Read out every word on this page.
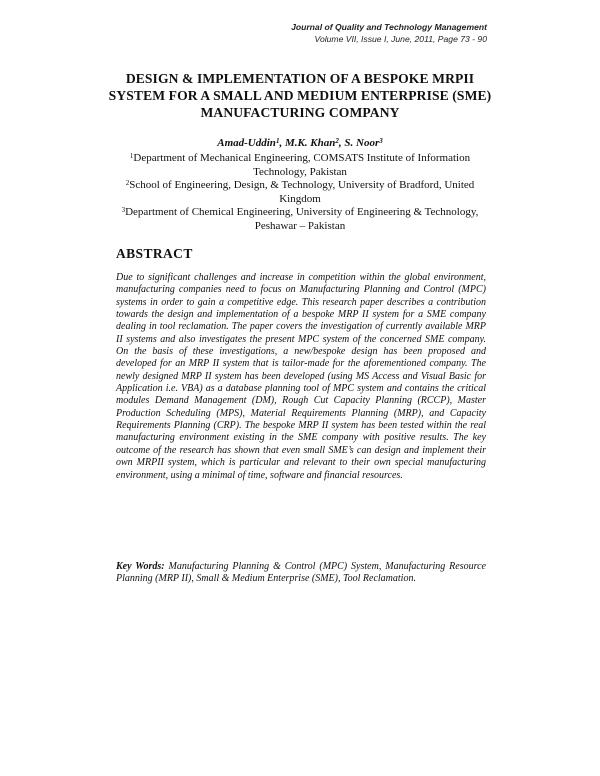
Journal of Quality and Technology Management
Volume VII, Issue I, June, 2011, Page 73 - 90
DESIGN & IMPLEMENTATION OF A BESPOKE MRPII SYSTEM FOR A SMALL AND MEDIUM ENTERPRISE (SME) MANUFACTURING COMPANY
Amad-Uddin$^1$, M.K. Khan$^2$, S. Noor$^3$

$^1$Department of Mechanical Engineering, COMSATS Institute of Information Technology, Pakistan

$^2$School of Engineering, Design, & Technology, University of Bradford, United Kingdom

$^3$Department of Chemical Engineering, University of Engineering & Technology, Peshawar – Pakistan

ABSTRACT

Due to significant challenges and increase in competition within the global environment, manufacturing companies need to focus on Manufacturing Planning and Control (MPC) systems in order to gain a competitive edge. This research paper describes a contribution towards the design and implementation of a bespoke MRP II system for a SME company dealing in tool reclamation. The paper covers the investigation of currently available MRP II systems and also investigates the present MPC system of the concerned SME company. On the basis of these investigations, a new/bespoke design has been proposed and developed for an MRP II system that is tailor-made for the aforementioned company. The newly designed MRP II system has been developed (using MS Access and Visual Basic for Application i.e. VBA) as a database planning tool of MPC system and contains the critical modules Demand Management (DM), Rough Cut Capacity Planning (RCCP), Master Production Scheduling (MPS), Material Requirements Planning (MRP), and Capacity Requirements Planning (CRP). The bespoke MRP II system has been tested within the real manufacturing environment existing in the SME company with positive results. The key outcome of the research has shown that even small SME’s can design and implement their own MRPII system, which is particular and relevant to their own special manufacturing environment, using a minimal of time, software and financial resources.

Key Words: Manufacturing Planning & Control (MPC) System, Manufacturing Resource Planning (MRP II), Small & Medium Enterprise (SME), Tool Reclamation.
